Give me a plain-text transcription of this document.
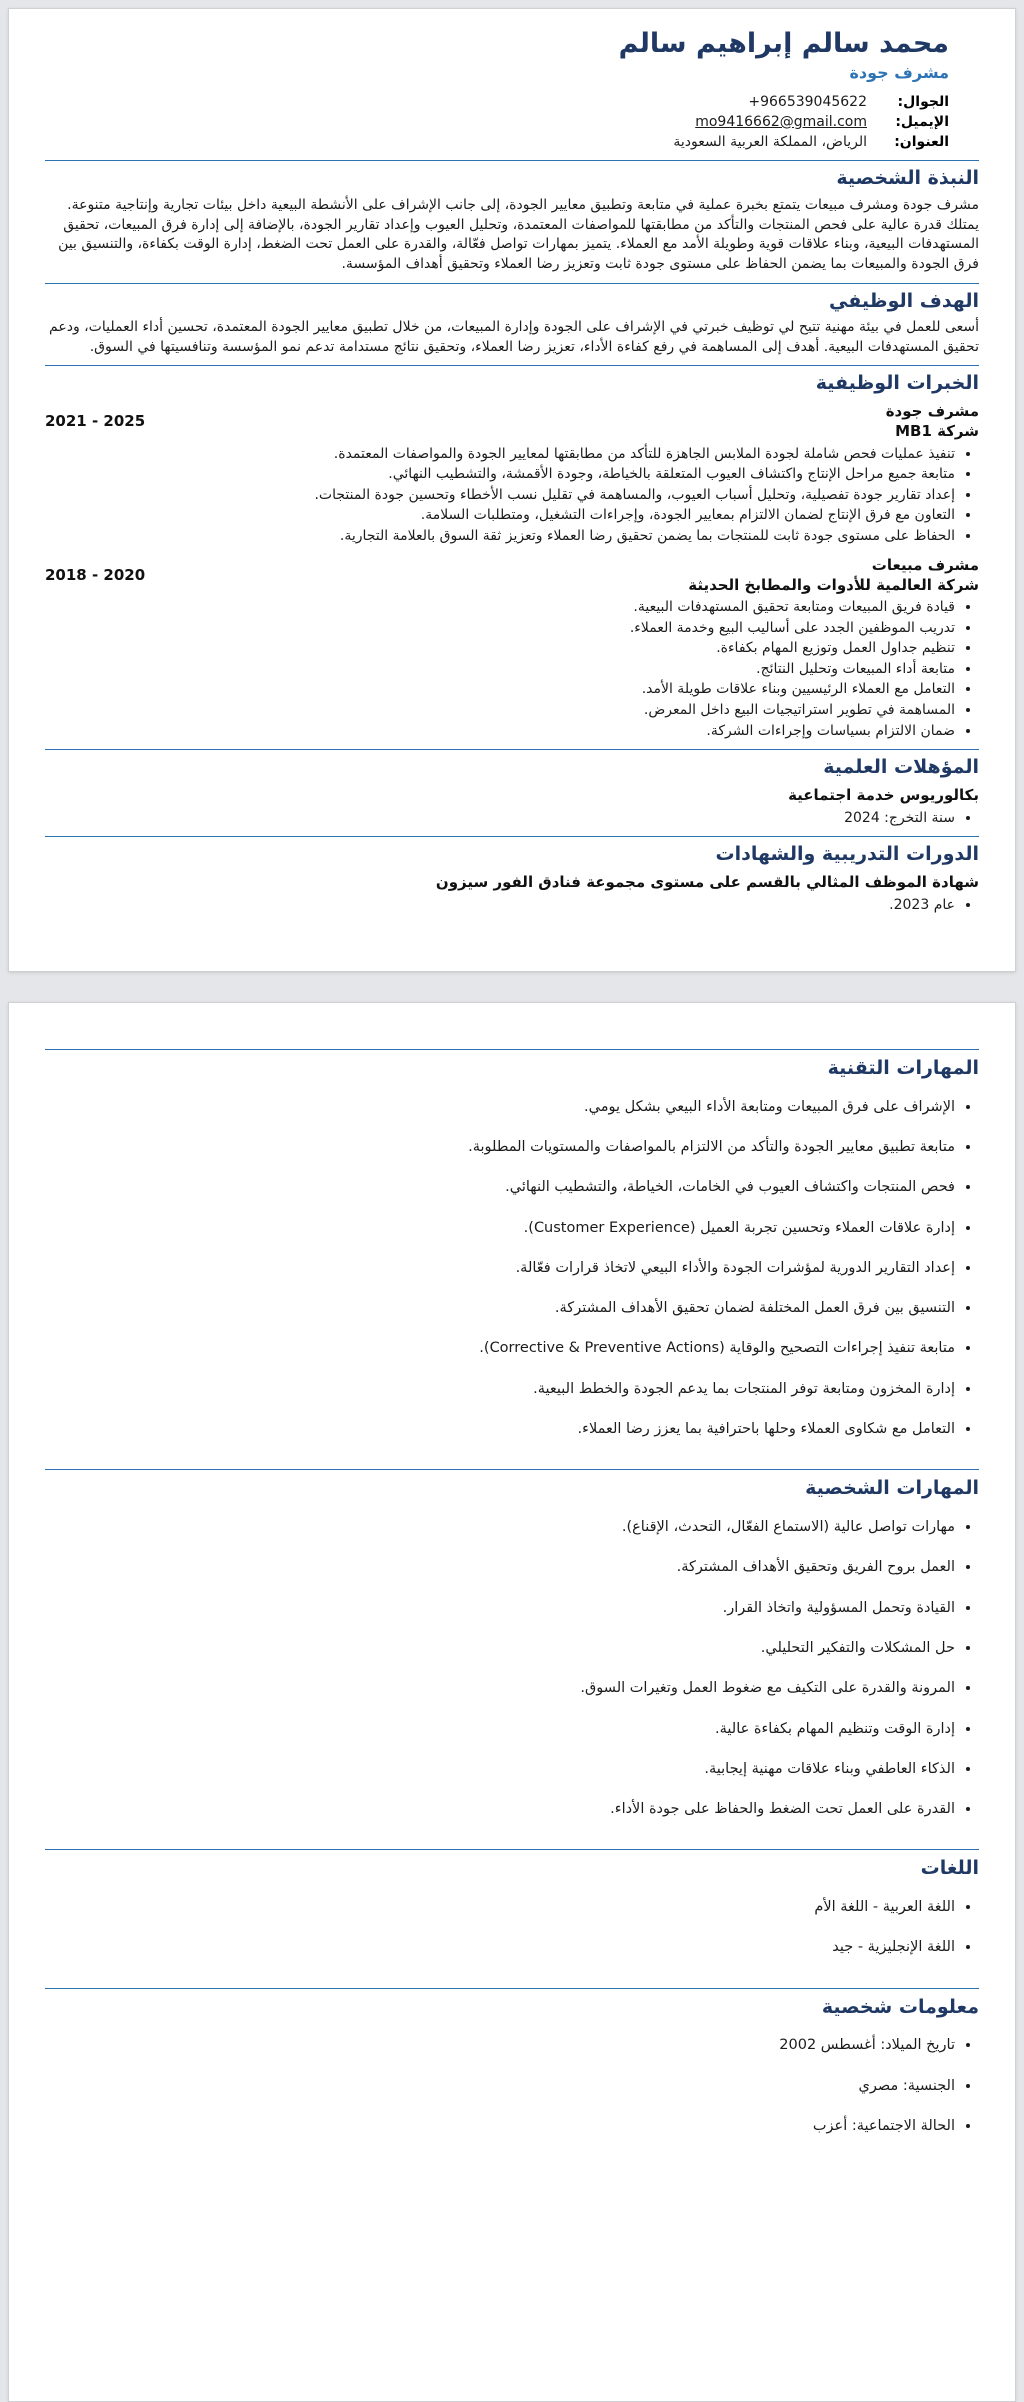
محمد سالم إبراهيم سالم
مشرف جودة
الجوال:
+966539045622
الإيميل:
mo9416662@gmail.com
العنوان:
الرياض، المملكة العربية السعودية
النبذة الشخصية

مشرف جودة ومشرف مبيعات يتمتع بخبرة عملية في متابعة وتطبيق معايير الجودة، إلى جانب الإشراف على الأنشطة البيعية داخل بيئات تجارية وإنتاجية متنوعة. يمتلك قدرة عالية على فحص المنتجات والتأكد من مطابقتها للمواصفات المعتمدة، وتحليل العيوب وإعداد تقارير الجودة، بالإضافة إلى إدارة فرق المبيعات، تحقيق المستهدفات البيعية، وبناء علاقات قوية وطويلة الأمد مع العملاء. يتميز بمهارات تواصل فعّالة، والقدرة على العمل تحت الضغط، إدارة الوقت بكفاءة، والتنسيق بين فرق الجودة والمبيعات بما يضمن الحفاظ على مستوى جودة ثابت وتعزيز رضا العملاء وتحقيق أهداف المؤسسة.

الهدف الوظيفي

أسعى للعمل في بيئة مهنية تتيح لي توظيف خبرتي في الإشراف على الجودة وإدارة المبيعات، من خلال تطبيق معايير الجودة المعتمدة، تحسين أداء العمليات، ودعم تحقيق المستهدفات البيعية. أهدف إلى المساهمة في رفع كفاءة الأداء، تعزيز رضا العملاء، وتحقيق نتائج مستدامة تدعم نمو المؤسسة وتنافسيتها في السوق.

الخبرات الوظيفية
مشرف جودة
شركة MB1
2021 - 2025
• تنفيذ عمليات فحص شاملة لجودة الملابس الجاهزة للتأكد من مطابقتها لمعايير الجودة والمواصفات المعتمدة.
• متابعة جميع مراحل الإنتاج واكتشاف العيوب المتعلقة بالخياطة، وجودة الأقمشة، والتشطيب النهائي.
• إعداد تقارير جودة تفصيلية، وتحليل أسباب العيوب، والمساهمة في تقليل نسب الأخطاء وتحسين جودة المنتجات.
• التعاون مع فرق الإنتاج لضمان الالتزام بمعايير الجودة، وإجراءات التشغيل، ومتطلبات السلامة.
• الحفاظ على مستوى جودة ثابت للمنتجات بما يضمن تحقيق رضا العملاء وتعزيز ثقة السوق بالعلامة التجارية.
مشرف مبيعات
شركة العالمية للأدوات والمطابخ الحديثة
2018 - 2020
• قيادة فريق المبيعات ومتابعة تحقيق المستهدفات البيعية.
• تدريب الموظفين الجدد على أساليب البيع وخدمة العملاء.
• تنظيم جداول العمل وتوزيع المهام بكفاءة.
• متابعة أداء المبيعات وتحليل النتائج.
• التعامل مع العملاء الرئيسيين وبناء علاقات طويلة الأمد.
• المساهمة في تطوير استراتيجيات البيع داخل المعرض.
• ضمان الالتزام بسياسات وإجراءات الشركة.
المؤهلات العلمية
بكالوريوس خدمة اجتماعية
• سنة التخرج: 2024
الدورات التدريبية والشهادات
شهادة الموظف المثالي بالقسم على مستوى مجموعة فنادق الفور سيزون
• عام 2023.
المهارات التقنية
• الإشراف على فرق المبيعات ومتابعة الأداء البيعي بشكل يومي.
• متابعة تطبيق معايير الجودة والتأكد من الالتزام بالمواصفات والمستويات المطلوبة.
• فحص المنتجات واكتشاف العيوب في الخامات، الخياطة، والتشطيب النهائي.
• إدارة علاقات العملاء وتحسين تجربة العميل (Customer Experience).
• إعداد التقارير الدورية لمؤشرات الجودة والأداء البيعي لاتخاذ قرارات فعّالة.
• التنسيق بين فرق العمل المختلفة لضمان تحقيق الأهداف المشتركة.
• متابعة تنفيذ إجراءات التصحيح والوقاية (Corrective & Preventive Actions).
• إدارة المخزون ومتابعة توفر المنتجات بما يدعم الجودة والخطط البيعية.
• التعامل مع شكاوى العملاء وحلها باحترافية بما يعزز رضا العملاء.
المهارات الشخصية
• مهارات تواصل عالية (الاستماع الفعّال، التحدث، الإقناع).
• العمل بروح الفريق وتحقيق الأهداف المشتركة.
• القيادة وتحمل المسؤولية واتخاذ القرار.
• حل المشكلات والتفكير التحليلي.
• المرونة والقدرة على التكيف مع ضغوط العمل وتغيرات السوق.
• إدارة الوقت وتنظيم المهام بكفاءة عالية.
• الذكاء العاطفي وبناء علاقات مهنية إيجابية.
• القدرة على العمل تحت الضغط والحفاظ على جودة الأداء.
اللغات
• اللغة العربية - اللغة الأم
• اللغة الإنجليزية - جيد
معلومات شخصية
• تاريخ الميلاد: أغسطس 2002
• الجنسية: مصري
• الحالة الاجتماعية: أعزب
